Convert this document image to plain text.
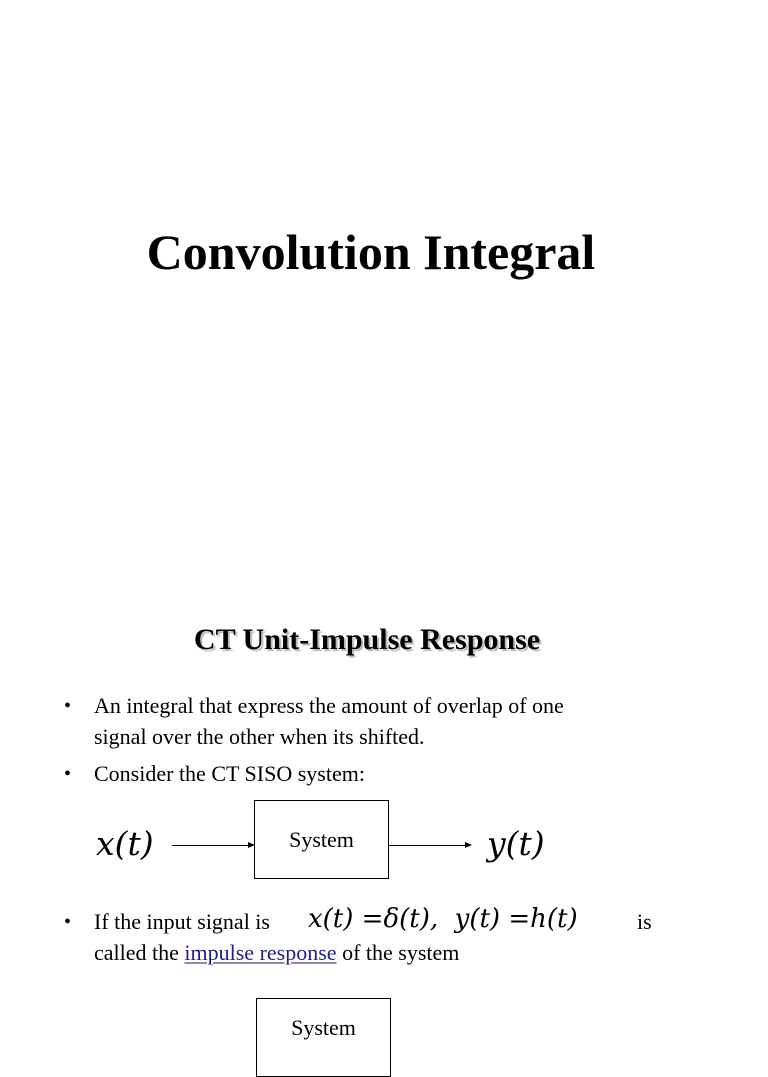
Convolution Integral
CT Unit-Impulse Response
• An integral that express the amount of overlap of one
signal over the other when its shifted.
• Consider the CT SISO system:
x(t)	System	y(t)
• If the input signal is x(t) =δ(t),  y(t) =h(t)	is
called the impulse response of the system
System
